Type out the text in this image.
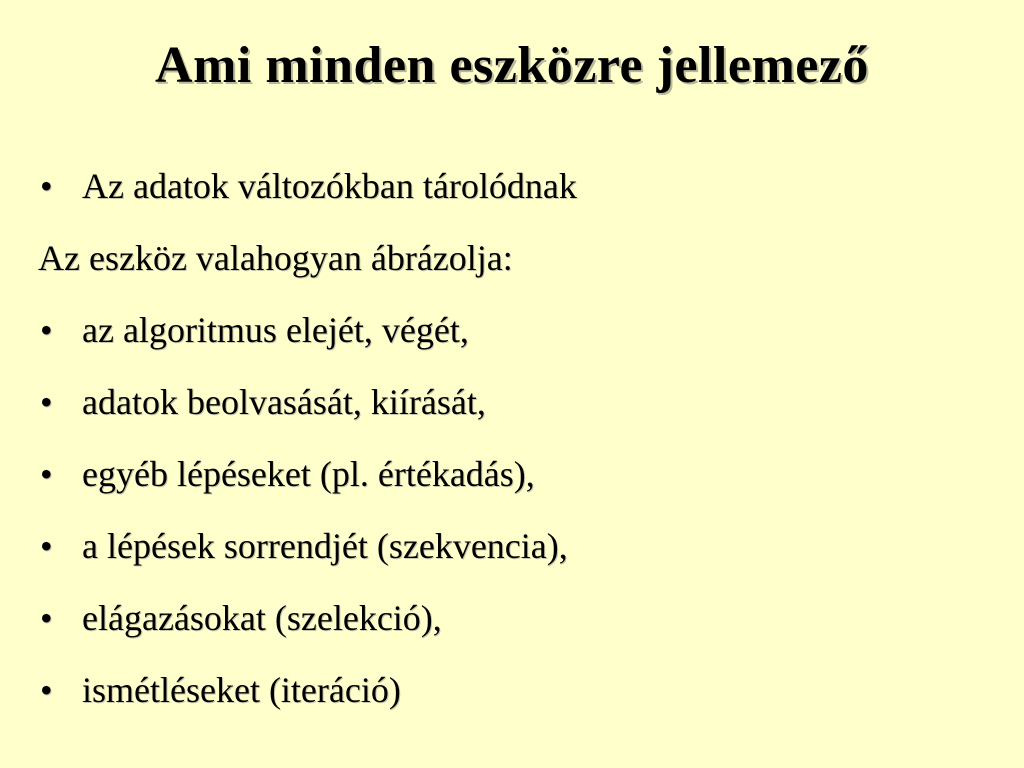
Ami minden eszközre jellemező
• Az adatok változókban tárolódnak
Az eszköz valahogyan ábrázolja:
• az algoritmus elejét, végét,
• adatok beolvasását, kiírását,
• egyéb lépéseket (pl. értékadás),
• a lépések sorrendjét (szekvencia),
• elágazásokat (szelekció),
• ismétléseket (iteráció)
